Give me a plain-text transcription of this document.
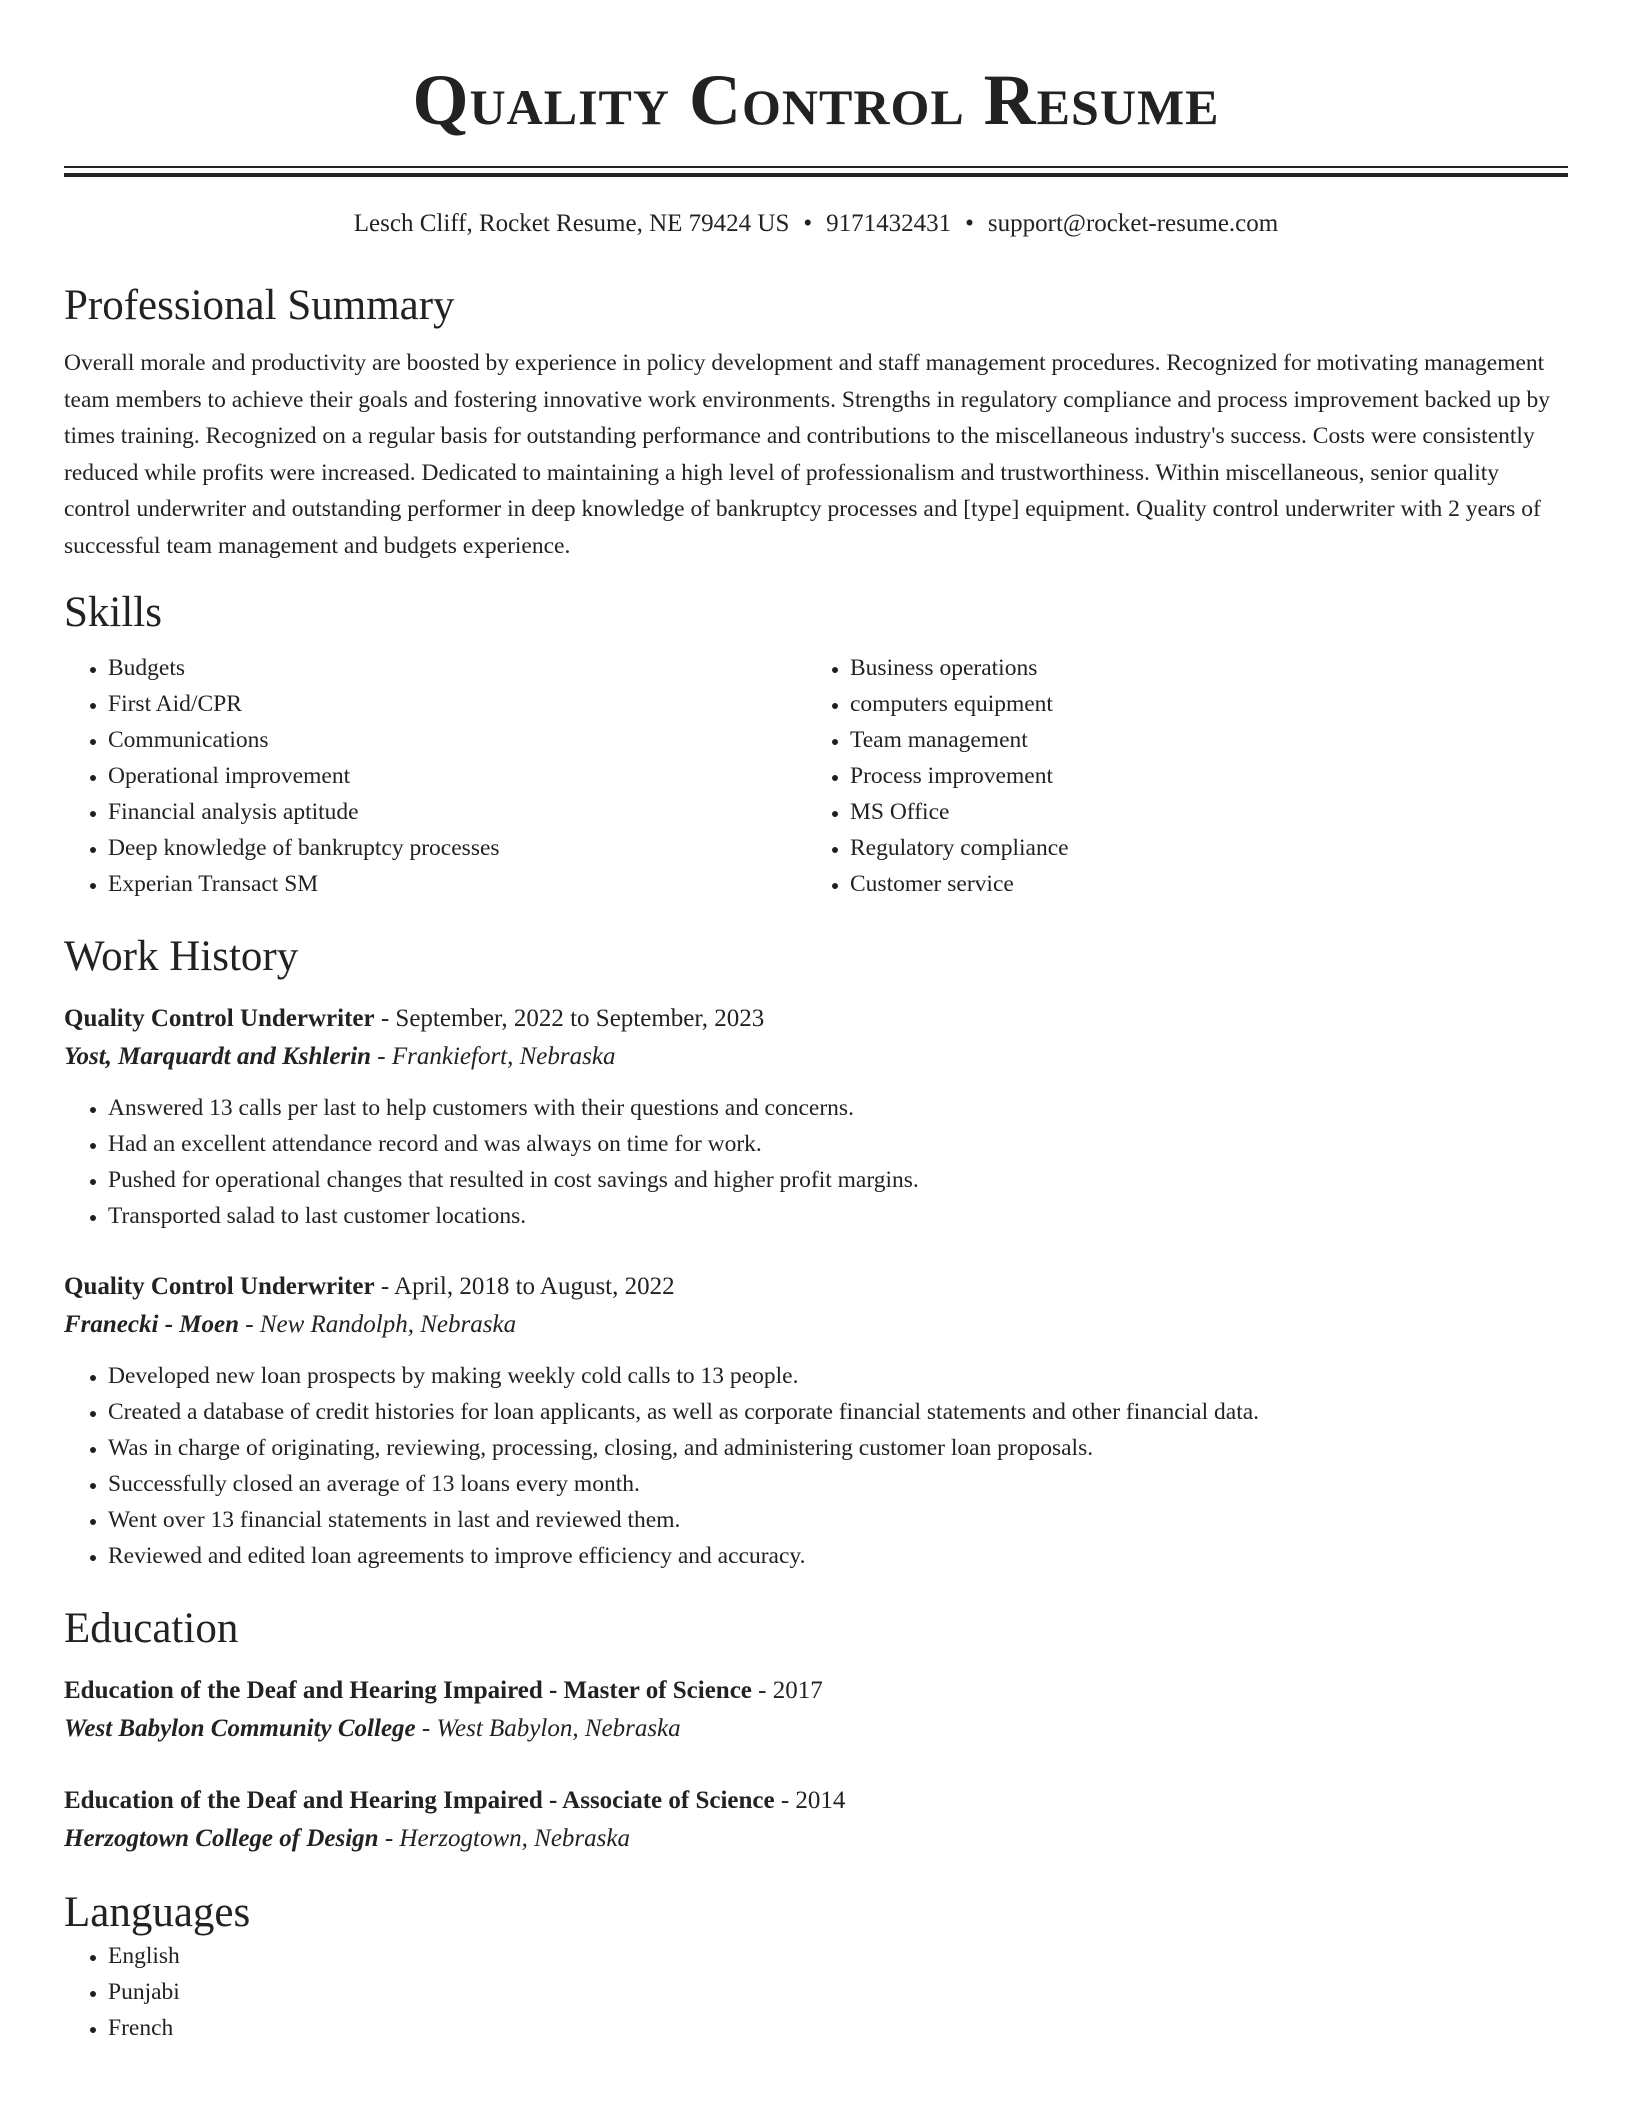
Quality Control Resume
Lesch Cliff, Rocket Resume, NE 79424 US • 9171432431 • support@rocket-resume.com
Professional Summary

Overall morale and productivity are boosted by experience in policy development and staff management procedures. Recognized for motivating management team members to achieve their goals and fostering innovative work environments. Strengths in regulatory compliance and process improvement backed up by times training. Recognized on a regular basis for outstanding performance and contributions to the miscellaneous industry's success. Costs were consistently reduced while profits were increased. Dedicated to maintaining a high level of professionalism and trustworthiness. Within miscellaneous, senior quality control underwriter and outstanding performer in deep knowledge of bankruptcy processes and [type] equipment. Quality control underwriter with 2 years of successful team management and budgets experience.

Skills
• Budgets
• First Aid/CPR
• Communications
• Operational improvement
• Financial analysis aptitude
• Deep knowledge of bankruptcy processes
• Experian Transact SM
• Business operations
• computers equipment
• Team management
• Process improvement
• MS Office
• Regulatory compliance
• Customer service
Work History
Quality Control Underwriter - September, 2022 to September, 2023
Yost, Marquardt and Kshlerin - Frankiefort, Nebraska
• Answered 13 calls per last to help customers with their questions and concerns.
• Had an excellent attendance record and was always on time for work.
• Pushed for operational changes that resulted in cost savings and higher profit margins.
• Transported salad to last customer locations.
Quality Control Underwriter - April, 2018 to August, 2022
Franecki - Moen - New Randolph, Nebraska
• Developed new loan prospects by making weekly cold calls to 13 people.
• Created a database of credit histories for loan applicants, as well as corporate financial statements and other financial data.
• Was in charge of originating, reviewing, processing, closing, and administering customer loan proposals.
• Successfully closed an average of 13 loans every month.
• Went over 13 financial statements in last and reviewed them.
• Reviewed and edited loan agreements to improve efficiency and accuracy.
Education
Education of the Deaf and Hearing Impaired - Master of Science - 2017
West Babylon Community College - West Babylon, Nebraska
Education of the Deaf and Hearing Impaired - Associate of Science - 2014
Herzogtown College of Design - Herzogtown, Nebraska
Languages
• English
• Punjabi
• French
